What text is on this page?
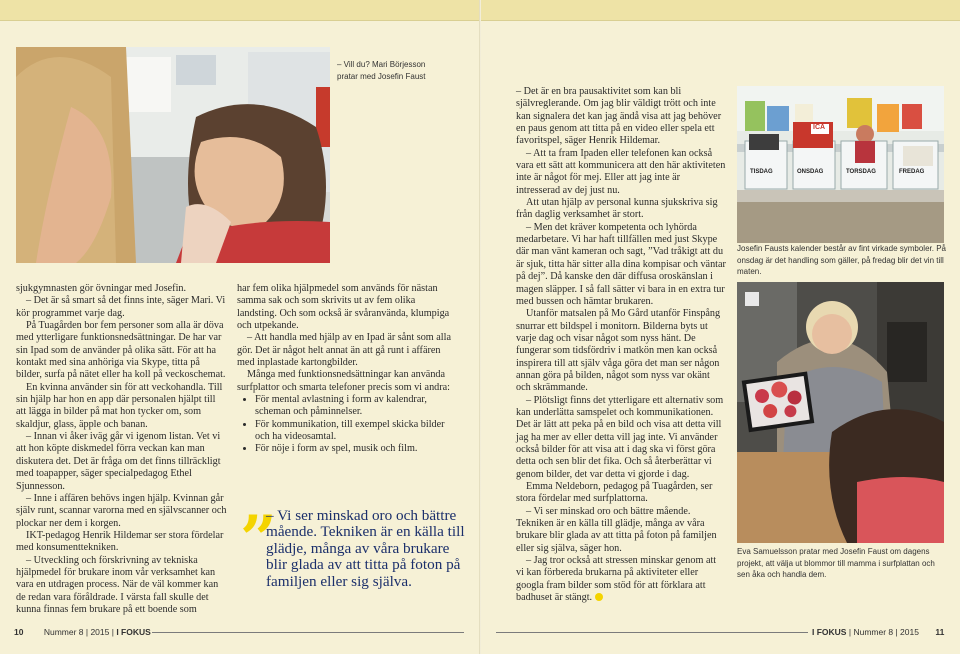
– Vill du? Mari Börjesson pratar med Josefin Faust
TISDAG	ONSDAG	TORSDAG	FREDAG
ICA
Josefin Fausts kalender består av fint virkade symboler. På onsdag är det handling som gäller, på fredag blir det vin till maten.
Eva Samuelsson pratar med Josefin Faust om dagens projekt, att välja ut blommor till mamma i surfplattan och sen åka och handla dem.

sjukgymnasten gör övningar med Josefin.

– Det är så smart så det finns inte, säger Mari. Vi kör programmet varje dag.

På Tuagården bor fem personer som alla är döva med ytterligare funktionsnedsättningar. De har var sin Ipad som de använder på olika sätt. För att ha kontakt med sina anhöriga via Skype, titta på bilder, surfa på nätet eller ha koll på veckoschemat.

En kvinna använder sin för att veckohandla. Till sin hjälp har hon en app där personalen hjälpt till att lägga in bilder på mat hon tycker om, som skaldjur, glass, äpple och banan.

– Innan vi åker iväg går vi igenom listan. Vet vi att hon köpte diskmedel förra veckan kan man diskutera det. Det är fråga om det finns tillräckligt med toapapper, säger specialpedagog Ethel Sjunnesson.

– Inne i affären behövs ingen hjälp. Kvinnan går själv runt, scannar varorna med en självscanner och plockar ner dem i korgen.

IKT-pedagog Henrik Hildemar ser stora fördelar med konsumenttekniken.

– Utveckling och förskrivning av tekniska hjälpmedel för brukare inom vår verksamhet kan vara en utdragen process. När de väl kommer kan de redan vara föråldrade. I värsta fall skulle det kunna finnas fem brukare på ett boende som

har fem olika hjälpmedel som används för nästan samma sak och som skrivits ut av fem olika landsting. Och som också är svåranvända, klumpiga och utpekande.

– Att handla med hjälp av en Ipad är sånt som alla gör. Det är något helt annat än att gå runt i affären med inplastade kartongbilder.

Många med funktionsnedsättningar kan använda surfplattor och smarta telefoner precis som vi andra:

• För mental avlastning i form av kalendrar, scheman och påminnelser.
• För kommunikation, till exempel skicka bilder och ha videosamtal.
• För nöje i form av spel, musik och film.
”
– Vi ser minskad oro och bättre mående. Tekniken är en källa till glädje, många av våra brukare blir glada av att titta på foton på familjen eller sig själva.

– Det är en bra pausaktivitet som kan bli självreglerande. Om jag blir väldigt trött och inte kan signalera det kan jag ändå visa att jag behöver en paus genom att titta på en video eller spela ett favoritspel, säger Henrik Hildemar.

– Att ta fram Ipaden eller telefonen kan också vara ett sätt att kommunicera att den här aktiviteten inte är något för mej. Eller att jag inte är intresserad av dej just nu.

Att utan hjälp av personal kunna sjukskriva sig från daglig verksamhet är stort.

– Men det kräver kompetenta och lyhörda medarbetare. Vi har haft tillfällen med just Skype där man vänt kameran och sagt, ”Vad tråkigt att du är sjuk, titta här sitter alla dina kompisar och väntar på dej”. Då kanske den där diffusa oroskänslan i magen släpper. I så fall sätter vi bara in en extra tur med bussen och hämtar brukaren.

Utanför matsalen på Mo Gård utanför Finspång snurrar ett bildspel i monitorn. Bilderna byts ut varje dag och visar något som nyss hänt. De fungerar som tidsfördriv i matkön men kan också inspirera till att själv våga göra det man ser någon annan göra på bilden, något som nyss var okänt och skrämmande.

– Plötsligt finns det ytterligare ett alternativ som kan underlätta samspelet och kommunikationen. Det är lätt att peka på en bild och visa att detta vill jag ha mer av eller detta vill jag inte. Vi använder också bilder för att visa att i dag ska vi först göra detta och sen blir det fika. Och så återberättar vi genom bilder, det var detta vi gjorde i dag.

Emma Neldeborn, pedagog på Tuagården, ser stora fördelar med surfplattorna.

– Vi ser minskad oro och bättre mående. Tekniken är en källa till glädje, många av våra brukare blir glada av att titta på foton på familjen eller sig själva, säger hon.

– Jag tror också att stressen minskar genom att vi kan förbereda brukarna på aktiviteter eller googla fram bilder som stöd för att förklara att badhuset är stängt.

10 Nummer 8 | 2015 | I FOKUS	I FOKUS | Nummer 8 | 2015 11
